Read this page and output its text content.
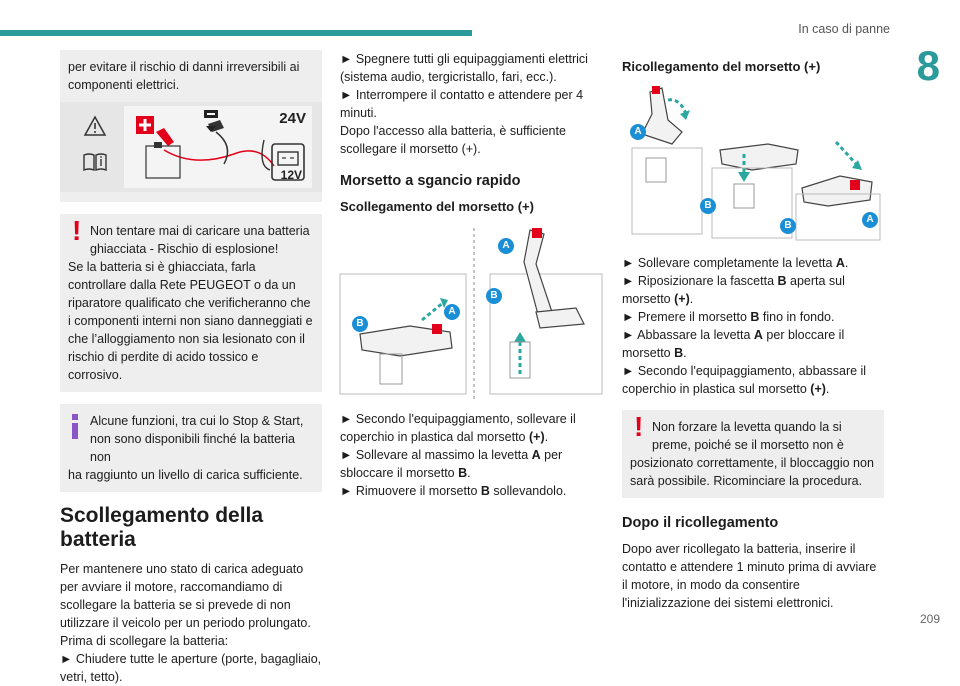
In caso di panne
8

per evitare il rischio di danni irreversibili ai componenti elettrici.

24V
12V
! Non tentare mai di caricare una batteria ghiacciata - Rischio di esplosione!

Se la batteria si è ghiacciata, farla controllare dalla Rete PEUGEOT o da un riparatore qualificato che verificheranno che i componenti interni non siano danneggiati e che l’alloggiamento non sia lesionato con il rischio di perdite di acido tossico e corrosivo.

Alcune funzioni, tra cui lo Stop & Start, non sono disponibili finché la batteria non

ha raggiunto un livello di carica sufficiente.

Scollegamento della batteria

Per mantenere uno stato di carica adeguato per avviare il motore, raccomandiamo di scollegare la batteria se si prevede di non utilizzare il veicolo per un periodo prolungato.

Prima di scollegare la batteria:

► Chiudere tutte le aperture (porte, bagagliaio, vetri, tetto).

► Spegnere tutti gli equipaggiamenti elettrici (sistema audio, tergicristallo, fari, ecc.).

► Interrompere il contatto e attendere per 4 minuti.

Dopo l'accesso alla batteria, è sufficiente scollegare il morsetto (+).

Morsetto a sgancio rapido
Scollegamento del morsetto (+)
A
B
A
B

► Secondo l'equipaggiamento, sollevare il coperchio in plastica dal morsetto (+).

► Sollevare al massimo la levetta A per sbloccare il morsetto B.

► Rimuovere il morsetto B sollevandolo.

Ricollegamento del morsetto (+)
A
B
B
A

► Sollevare completamente la levetta A.

► Riposizionare la fascetta B aperta sul morsetto (+).

► Premere il morsetto B fino in fondo.

► Abbassare la levetta A per bloccare il morsetto B.

► Secondo l'equipaggiamento, abbassare il coperchio in plastica sul morsetto (+).

! Non forzare la levetta quando la si preme, poiché se il morsetto non è

posizionato correttamente, il bloccaggio non sarà possibile. Ricominciare la procedura.

Dopo il ricollegamento

Dopo aver ricollegato la batteria, inserire il contatto e attendere 1 minuto prima di avviare il motore, in modo da consentire l'inizializzazione dei sistemi elettronici.

209
